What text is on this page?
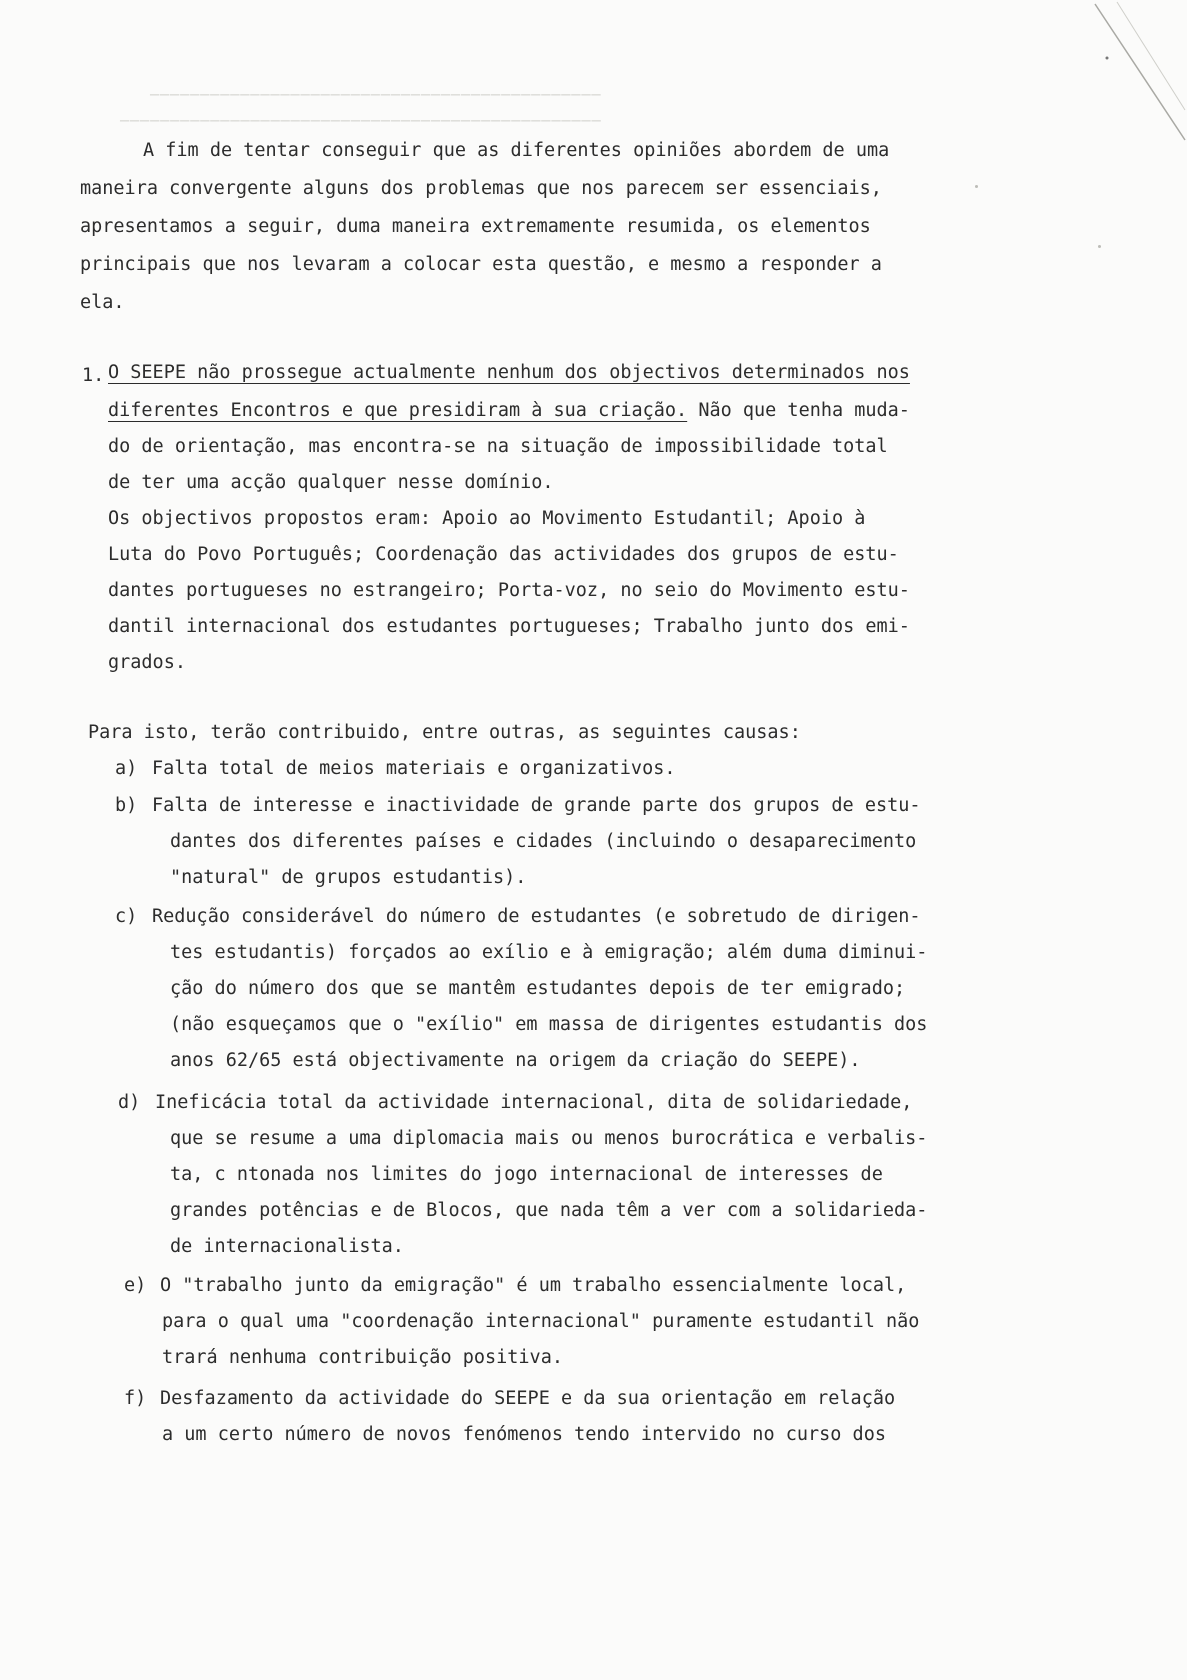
─────────────────────────────────────────────
────────────────────────────────────────────────
A fim de tentar conseguir que as diferentes opiniões abordem de uma
maneira convergente alguns dos problemas que nos parecem ser essenciais,
apresentamos a seguir, duma maneira extremamente resumida, os elementos
principais que nos levaram a colocar esta questão, e mesmo a responder a
ela.
1. O SEEPE não prossegue actualmente nenhum dos objectivos determinados nos
diferentes Encontros e que presidiram à sua criação. Não que tenha muda-
do de orientação, mas encontra-se na situação de impossibilidade total
de ter uma acção qualquer nesse domínio.
Os objectivos propostos eram: Apoio ao Movimento Estudantil; Apoio à
Luta do Povo Português; Coordenação das actividades dos grupos de estu-
dantes portugueses no estrangeiro; Porta-voz, no seio do Movimento estu-
dantil internacional dos estudantes portugueses; Trabalho junto dos emi-
grados.
Para isto, terão contribuido, entre outras, as seguintes causas:
a) Falta total de meios materiais e organizativos.
b) Falta de interesse e inactividade de grande parte dos grupos de estu-
dantes dos diferentes países e cidades (incluindo o desaparecimento
"natural" de grupos estudantis).
c) Redução considerável do número de estudantes (e sobretudo de dirigen-
tes estudantis) forçados ao exílio e à emigração; além duma diminui-
ção do número dos que se mantêm estudantes depois de ter emigrado;
(não esqueçamos que o "exílio" em massa de dirigentes estudantis dos
anos 62/65 está objectivamente na origem da criação do SEEPE).
d) Ineficácia total da actividade internacional, dita de solidariedade,
que se resume a uma diplomacia mais ou menos burocrática e verbalis-
ta, c ntonada nos limites do jogo internacional de interesses de
grandes potências e de Blocos, que nada têm a ver com a solidarieda-
de internacionalista.
e) O "trabalho junto da emigração" é um trabalho essencialmente local,
para o qual uma "coordenação internacional" puramente estudantil não
trará nenhuma contribuição positiva.
f) Desfazamento da actividade do SEEPE e da sua orientação em relação
a um certo número de novos fenómenos tendo intervido no curso dos
